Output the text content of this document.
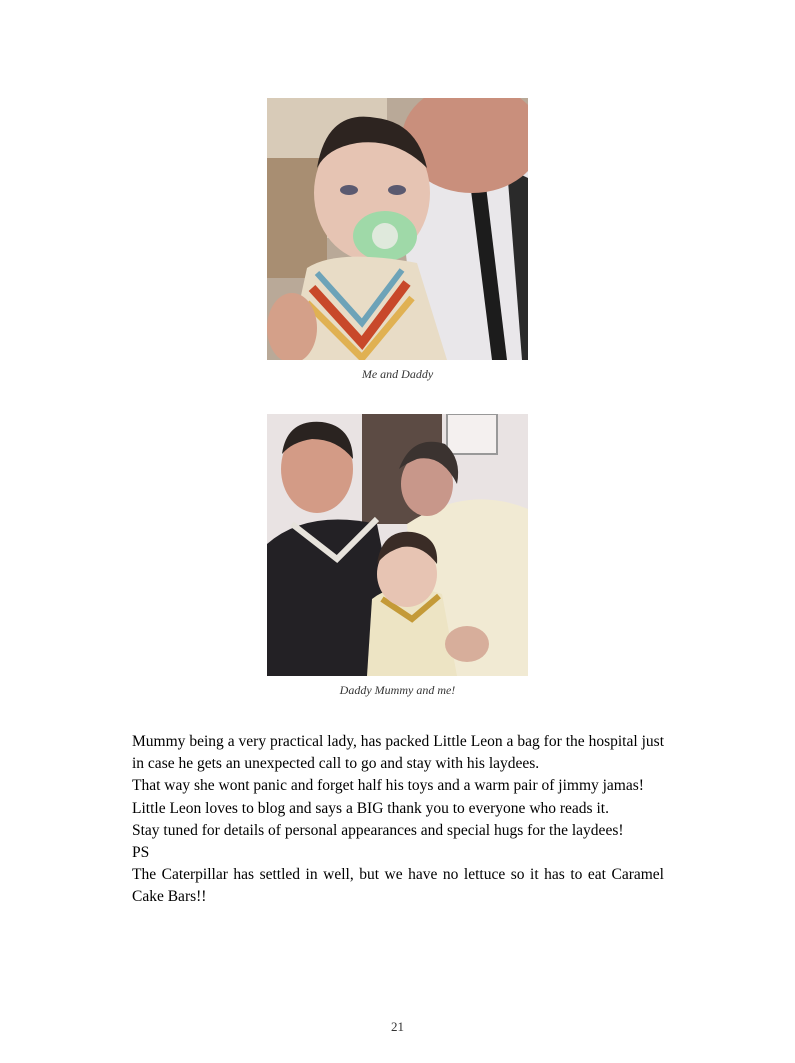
Me and Daddy
Daddy Mummy and me!

Mummy being a very practical lady, has packed Little Leon a bag for the hospital just in case he gets an unexpected call to go and stay with his laydees.

That way she wont panic and forget half his toys and a warm pair of jimmy jamas!

Little Leon loves to blog and says a BIG thank you to everyone who reads it.

Stay tuned for details of personal appearances and special hugs for the laydees!

PS

The Caterpillar has settled in well, but we have no lettuce so it has to eat Caramel Cake Bars!!

21
